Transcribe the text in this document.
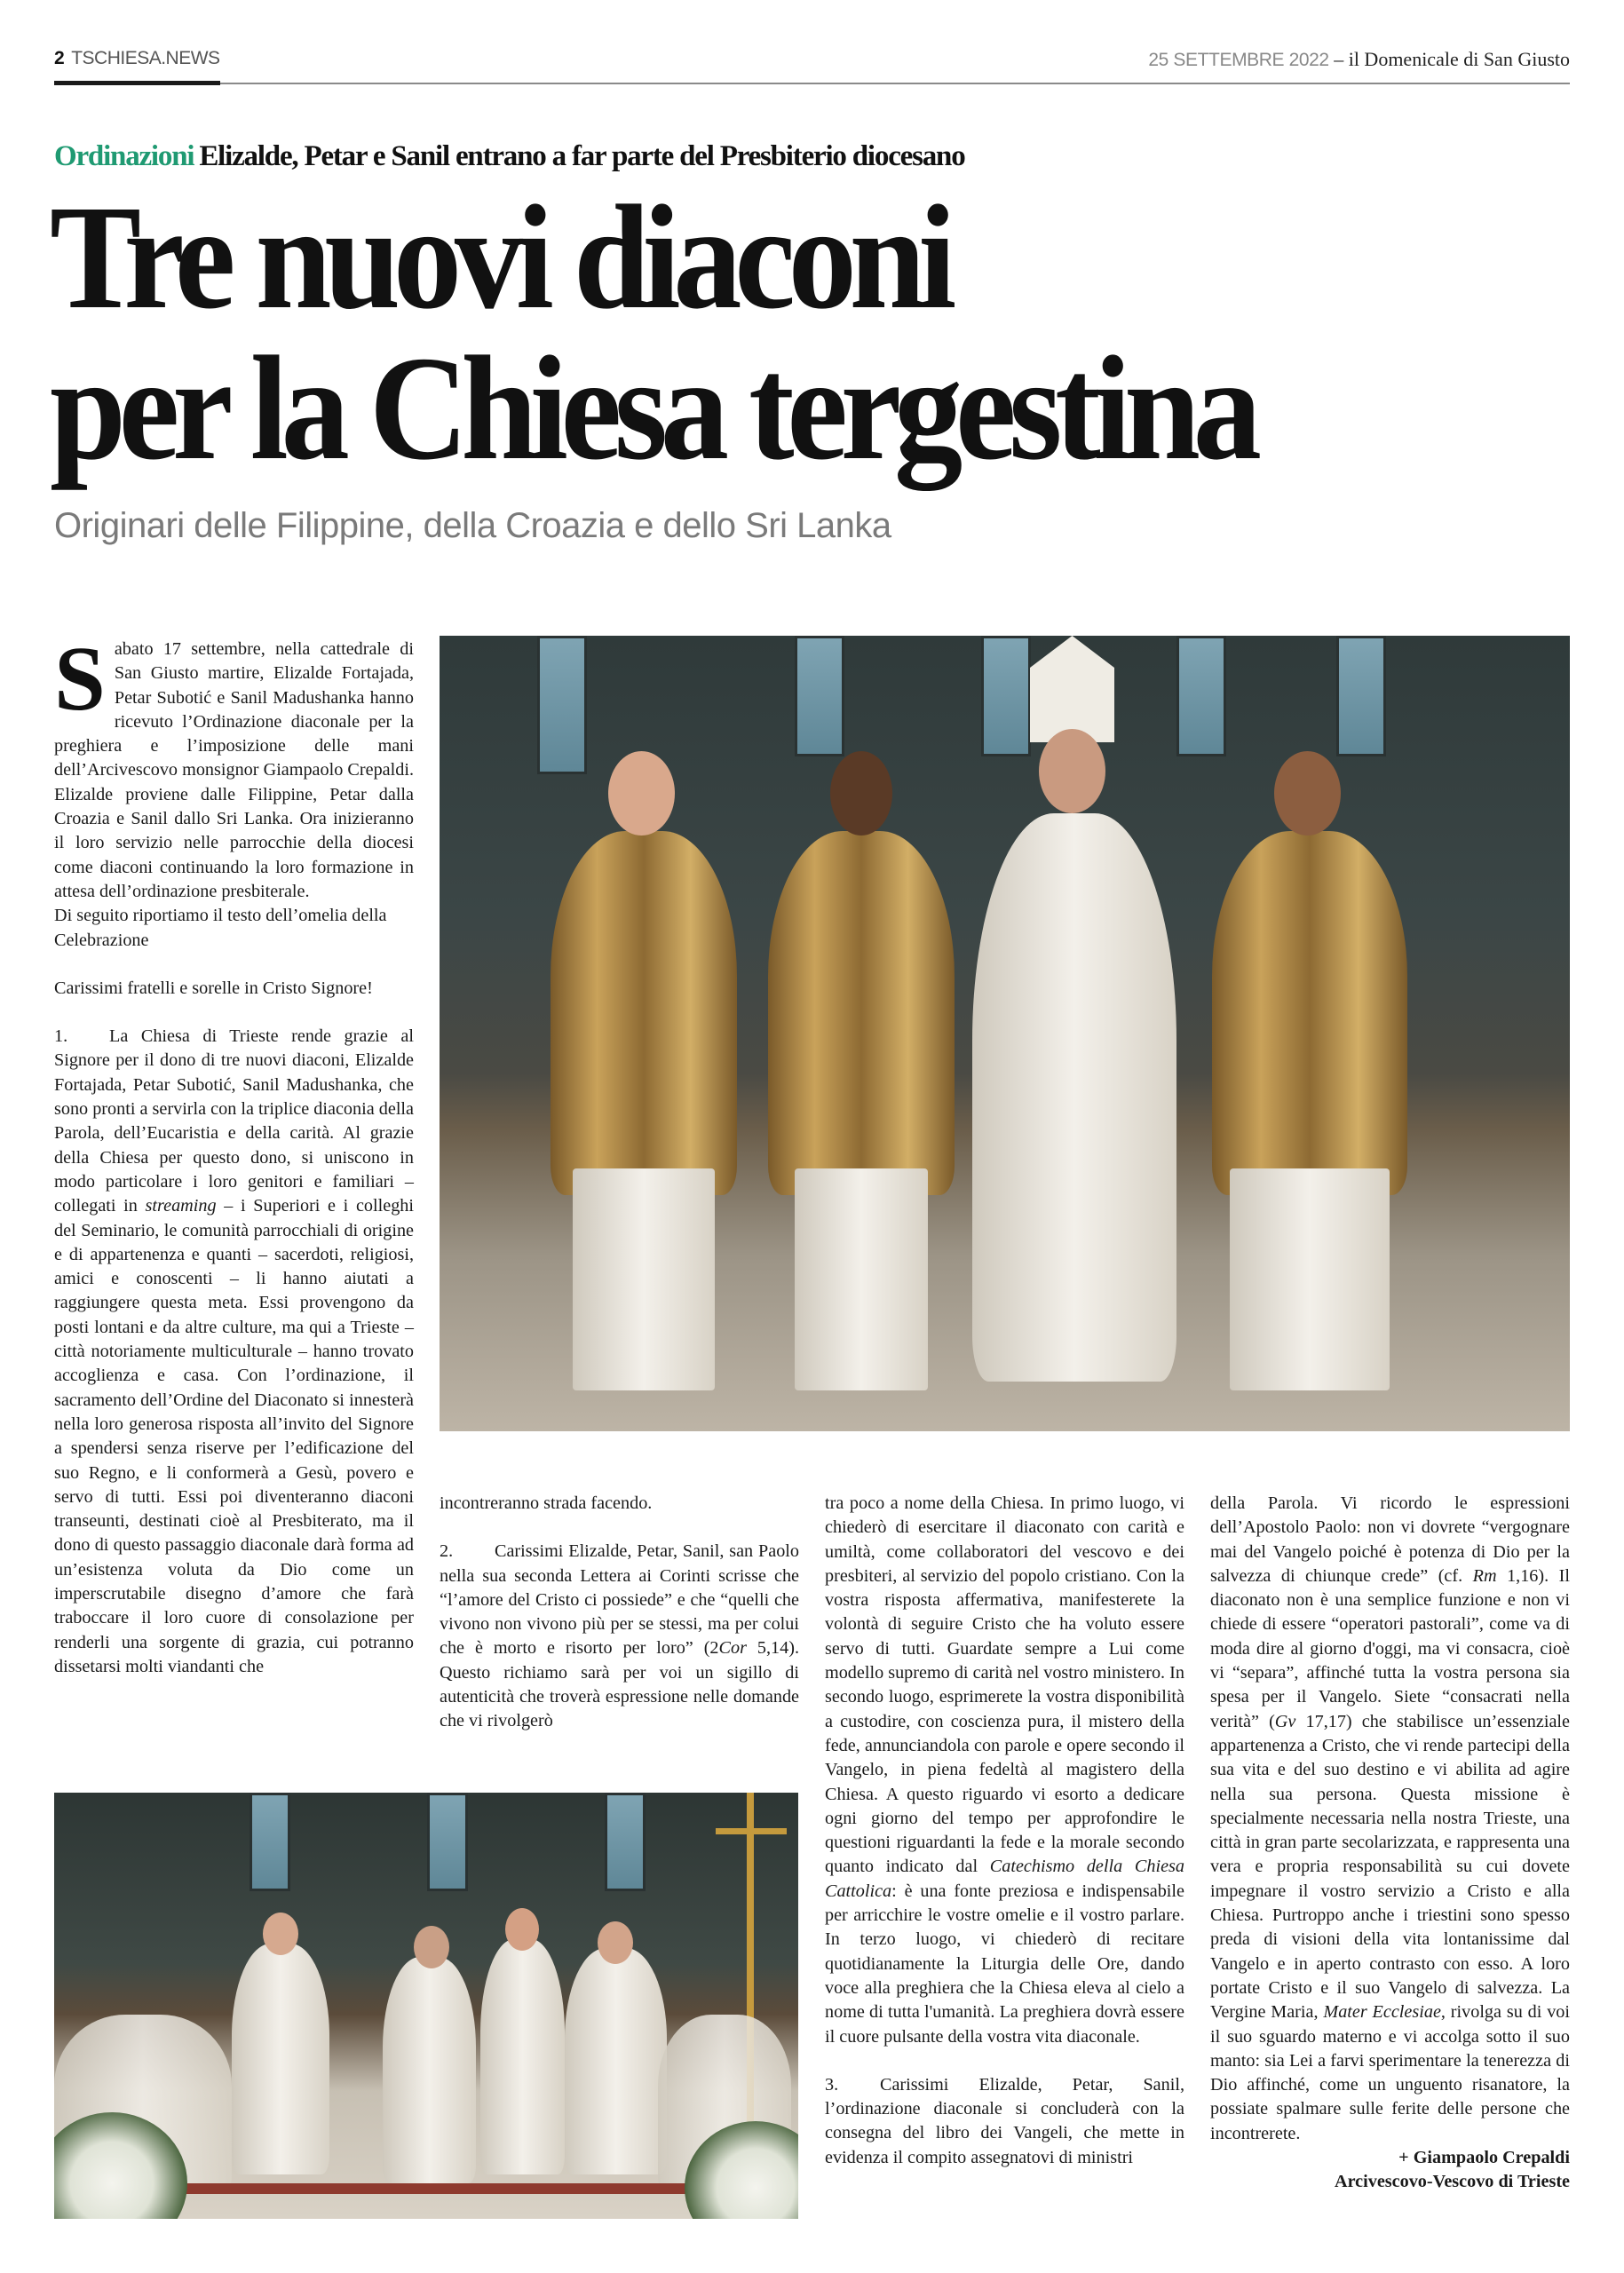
2 TSCHIESA.NEWS	25 SETTEMBRE 2022 – il Domenicale di San Giusto
Ordinazioni Elizalde, Petar e Sanil entrano a far parte del Presbiterio diocesano
Tre nuovi diaconi
per la Chiesa tergestina
Originari delle Filippine, della Croazia e dello Sri Lanka

Sabato 17 settembre, nella cattedrale di San Giusto martire, Elizalde Fortajada, Petar Subotić e Sanil Madushanka hanno ricevuto l’Ordinazione diaconale per la preghiera e l’imposizione delle mani dell’Arcivescovo monsignor Giampaolo Crepaldi. Elizalde proviene dalle Filippine, Petar dalla Croazia e Sanil dallo Sri Lanka. Ora inizieranno il loro servizio nelle parrocchie della diocesi come diaconi continuando la loro formazione in attesa dell’ordinazione presbiterale.

Di seguito riportiamo il testo dell’omelia della Celebrazione

Carissimi fratelli e sorelle in Cristo Signore!

1. La Chiesa di Trieste rende grazie al Signore per il dono di tre nuovi diaconi, Elizalde Fortajada, Petar Subotić, Sanil Madushanka, che sono pronti a servirla con la triplice diaconia della Parola, dell’Eucaristia e della carità. Al grazie della Chiesa per questo dono, si uniscono in modo particolare i loro genitori e familiari – collegati in streaming – i Superiori e i colleghi del Seminario, le comunità parrocchiali di origine e di appartenenza e quanti – sacerdoti, religiosi, amici e conoscenti – li hanno aiutati a raggiungere questa meta. Essi provengono da posti lontani e da altre culture, ma qui a Trieste – città notoriamente multiculturale – hanno trovato accoglienza e casa. Con l’ordinazione, il sacramento dell’Ordine del Diaconato si innesterà nella loro generosa risposta all’invito del Signore a spendersi senza riserve per l’edificazione del suo Regno, e li conformerà a Gesù, povero e servo di tutti. Essi poi diventeranno diaconi transeunti, destinati cioè al Presbiterato, ma il dono di questo passaggio diaconale darà forma ad un’esistenza voluta da Dio come un imperscrutabile disegno d’amore che farà traboccare il loro cuore di consolazione per renderli una sorgente di grazia, cui potranno dissetarsi molti viandanti che

incontreranno strada facendo.

2. Carissimi Elizalde, Petar, Sanil, san Paolo nella sua seconda Lettera ai Corinti scrisse che “l’amore del Cristo ci possiede” e che “quelli che vivono non vivono più per se stessi, ma per colui che è morto e risorto per loro” (2Cor 5,14). Questo richiamo sarà per voi un sigillo di autenticità che troverà espressione nelle domande che vi rivolgerò

tra poco a nome della Chiesa. In primo luogo, vi chiederò di esercitare il diaconato con carità e umiltà, come collaboratori del vescovo e dei presbiteri, al servizio del popolo cristiano. Con la vostra risposta affermativa, manifesterete la volontà di seguire Cristo che ha voluto essere servo di tutti. Guardate sempre a Lui come modello supremo di carità nel vostro ministero. In secondo luogo, esprimerete la vostra disponibilità a custodire, con coscienza pura, il mistero della fede, annunciandola con parole e opere secondo il Vangelo, in piena fedeltà al magistero della Chiesa. A questo riguardo vi esorto a dedicare ogni giorno del tempo per approfondire le questioni riguardanti la fede e la morale secondo quanto indicato dal Catechismo della Chiesa Cattolica: è una fonte preziosa e indispensabile per arricchire le vostre omelie e il vostro parlare. In terzo luogo, vi chiederò di recitare quotidianamente la Liturgia delle Ore, dando voce alla preghiera che la Chiesa eleva al cielo a nome di tutta l'umanità. La preghiera dovrà essere il cuore pulsante della vostra vita diaconale.

3. Carissimi Elizalde, Petar, Sanil, l’ordinazione diaconale si concluderà con la consegna del libro dei Vangeli, che mette in evidenza il compito assegnatovi di ministri

della Parola. Vi ricordo le espressioni dell’Apostolo Paolo: non vi dovrete “vergognare mai del Vangelo poiché è potenza di Dio per la salvezza di chiunque crede” (cf. Rm 1,16). Il diaconato non è una semplice funzione e non vi chiede di essere “operatori pastorali”, come va di moda dire al giorno d'oggi, ma vi consacra, cioè vi “separa”, affinché tutta la vostra persona sia spesa per il Vangelo. Siete “consacrati nella verità” (Gv 17,17) che stabilisce un’essenziale appartenenza a Cristo, che vi rende partecipi della sua vita e del suo destino e vi abilita ad agire nella sua persona. Questa missione è specialmente necessaria nella nostra Trieste, una città in gran parte secolarizzata, e rappresenta una vera e propria responsabilità su cui dovete impegnare il vostro servizio a Cristo e alla Chiesa. Purtroppo anche i triestini sono spesso preda di visioni della vita lontanissime dal Vangelo e in aperto contrasto con esso. A loro portate Cristo e il suo Vangelo di salvezza. La Vergine Maria, Mater Ecclesiae, rivolga su di voi il suo sguardo materno e vi accolga sotto il suo manto: sia Lei a farvi sperimentare la tenerezza di Dio affinché, come un unguento risanatore, la possiate spalmare sulle ferite delle persone che incontrerete.

+ Giampaolo Crepaldi

Arcivescovo-Vescovo di Trieste
